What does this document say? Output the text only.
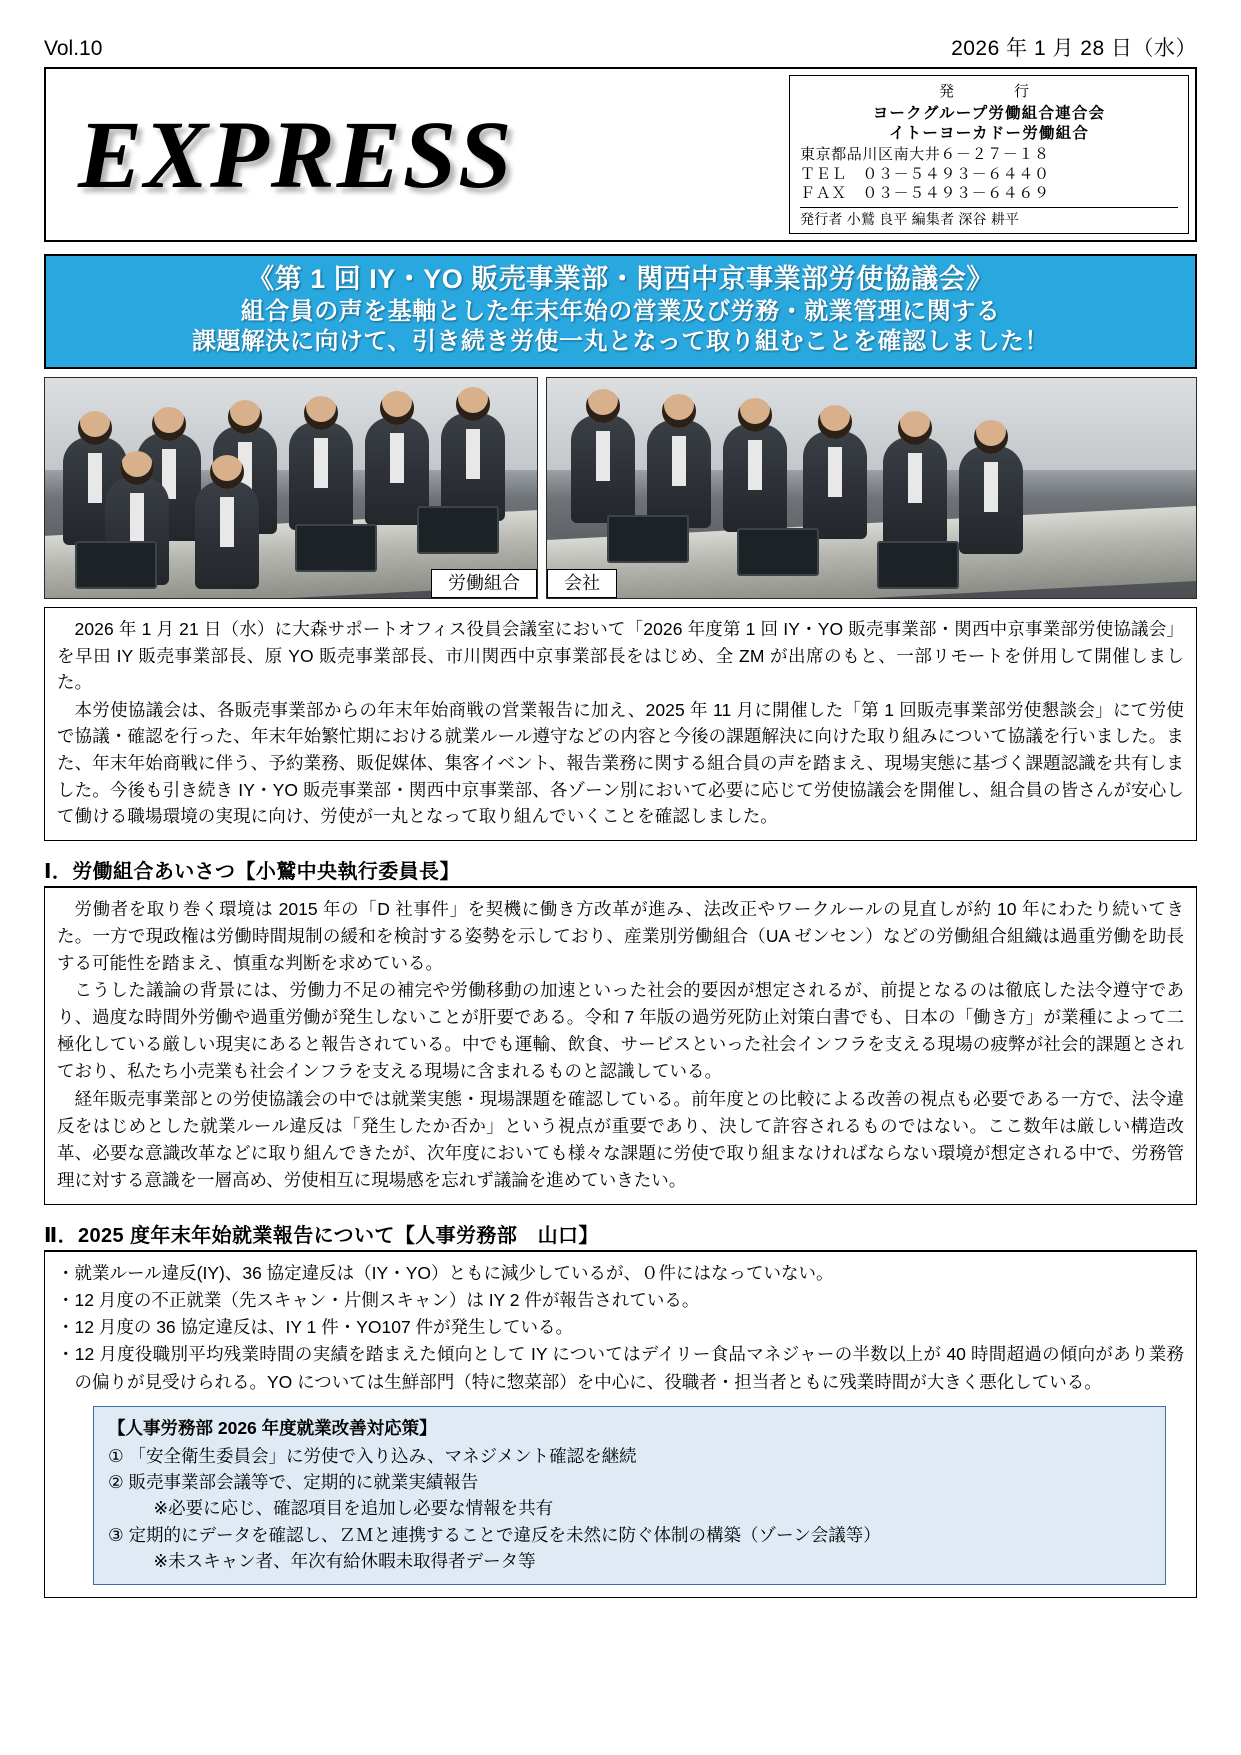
Vol.10	2026 年 1 月 28 日（水）
EXPRESS
発　　行
ヨークグループ労働組合連合会
イトーヨーカドー労働組合
東京都品川区南大井６－２７－１８
ＴＥＬ　０３－５４９３－６４４０
ＦＡＸ　０３－５４９３－６４６９
発行者 小鷲 良平 編集者 深谷 耕平
《第 1 回 IY・YO 販売事業部・関西中京事業部労使協議会》
組合員の声を基軸とした年末年始の営業及び労務・就業管理に関する
課題解決に向けて、引き続き労使一丸となって取り組むことを確認しました！
労働組合	会社

2026 年 1 月 21 日（水）に大森サポートオフィス役員会議室において「2026 年度第 1 回 IY・YO 販売事業部・関西中京事業部労使協議会」を早田 IY 販売事業部長、原 YO 販売事業部長、市川関西中京事業部長をはじめ、全 ZM が出席のもと、一部リモートを併用して開催しました。

本労使協議会は、各販売事業部からの年末年始商戦の営業報告に加え、2025 年 11 月に開催した「第 1 回販売事業部労使懇談会」にて労使で協議・確認を行った、年末年始繁忙期における就業ルール遵守などの内容と今後の課題解決に向けた取り組みについて協議を行いました。また、年末年始商戦に伴う、予約業務、販促媒体、集客イベント、報告業務に関する組合員の声を踏まえ、現場実態に基づく課題認識を共有しました。今後も引き続き IY・YO 販売事業部・関西中京事業部、各ゾーン別において必要に応じて労使協議会を開催し、組合員の皆さんが安心して働ける職場環境の実現に向け、労使が一丸となって取り組んでいくことを確認しました。

Ⅰ．労働組合あいさつ【小鷲中央執行委員長】

労働者を取り巻く環境は 2015 年の「D 社事件」を契機に働き方改革が進み、法改正やワークルールの見直しが約 10 年にわたり続いてきた。一方で現政権は労働時間規制の緩和を検討する姿勢を示しており、産業別労働組合（UA ゼンセン）などの労働組合組織は過重労働を助長する可能性を踏まえ、慎重な判断を求めている。

こうした議論の背景には、労働力不足の補完や労働移動の加速といった社会的要因が想定されるが、前提となるのは徹底した法令遵守であり、過度な時間外労働や過重労働が発生しないことが肝要である。令和 7 年版の過労死防止対策白書でも、日本の「働き方」が業種によって二極化している厳しい現実にあると報告されている。中でも運輸、飲食、サービスといった社会インフラを支える現場の疲弊が社会的課題とされており、私たち小売業も社会インフラを支える現場に含まれるものと認識している。

経年販売事業部との労使協議会の中では就業実態・現場課題を確認している。前年度との比較による改善の視点も必要である一方で、法令違反をはじめとした就業ルール違反は「発生したか否か」という視点が重要であり、決して許容されるものではない。ここ数年は厳しい構造改革、必要な意識改革などに取り組んできたが、次年度においても様々な課題に労使で取り組まなければならない環境が想定される中で、労務管理に対する意識を一層高め、労使相互に現場感を忘れず議論を進めていきたい。

Ⅱ．2025 度年末年始就業報告について【人事労務部　山口】
・就業ルール違反(IY)、36 協定違反は（IY・YO）ともに減少しているが、０件にはなっていない。
・12 月度の不正就業（先スキャン・片側スキャン）は IY 2 件が報告されている。
・12 月度の 36 協定違反は、IY 1 件・YO107 件が発生している。
・12 月度役職別平均残業時間の実績を踏まえた傾向として IY についてはデイリー食品マネジャーの半数以上が 40 時間超過の傾向があり業務の偏りが見受けられる。YO については生鮮部門（特に惣菜部）を中心に、役職者・担当者ともに残業時間が大きく悪化している。
【人事労務部 2026 年度就業改善対応策】
① 「安全衛生委員会」に労使で入り込み、マネジメント確認を継続
② 販売事業部会議等で、定期的に就業実績報告
※必要に応じ、確認項目を追加し必要な情報を共有
③ 定期的にデータを確認し、ＺＭと連携することで違反を未然に防ぐ体制の構築（ゾーン会議等）
※未スキャン者、年次有給休暇未取得者データ等
